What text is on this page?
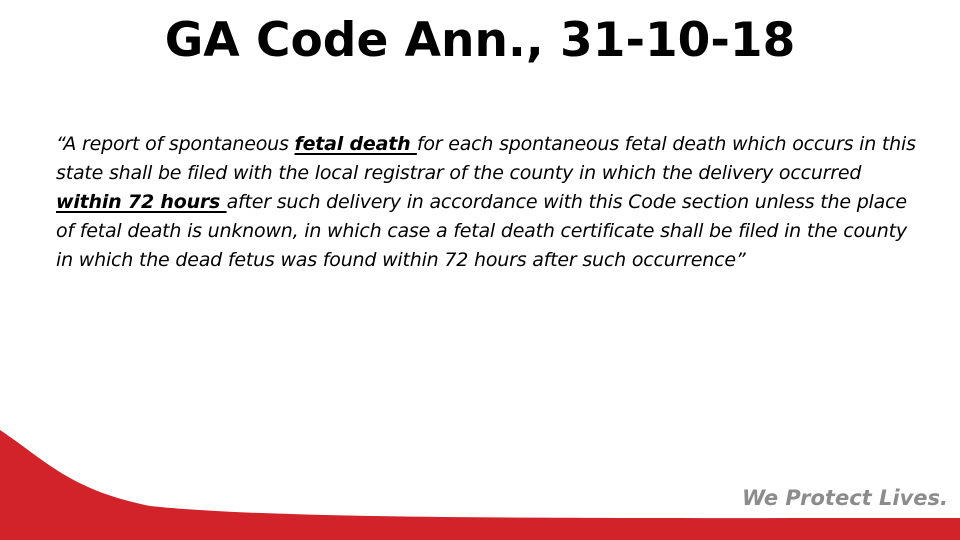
GA Code Ann., 31-10-18
“A report of spontaneous fetal death for each spontaneous fetal death which occurs in this state shall be filed with the local registrar of the county in which the delivery occurred within 72 hours after such delivery in accordance with this Code section unless the place of fetal death is unknown, in which case a fetal death certificate shall be filed in the county in which the dead fetus was found within 72 hours after such occurrence”
We Protect Lives.
